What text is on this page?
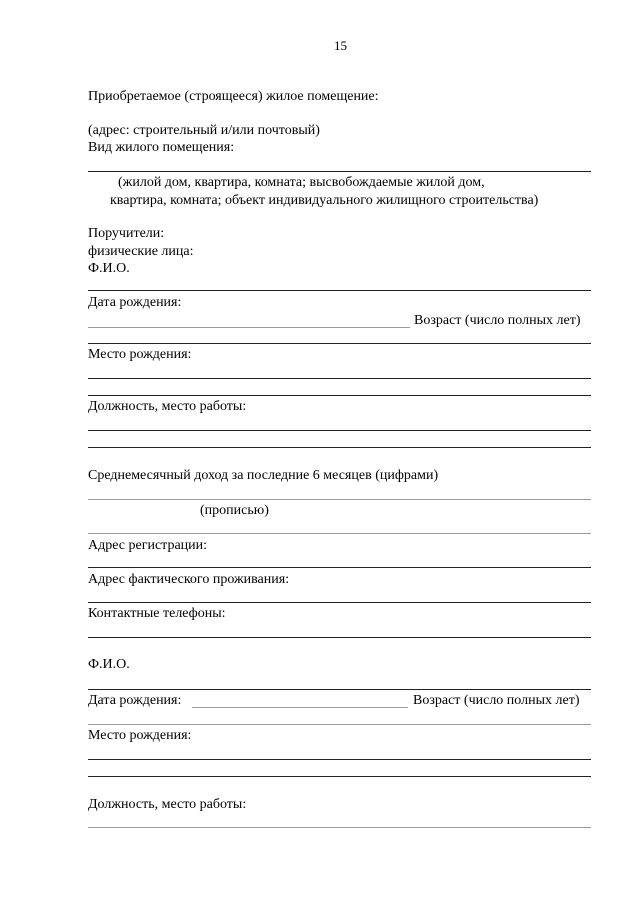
15
Приобретаемое (строящееся) жилое помещение:
(адрес: строительный и/или почтовый)
Вид жилого помещения:
(жилой дом, квартира, комната; высвобождаемые жилой дом,
квартира, комната; объект индивидуального жилищного строительства)
Поручители:
физические лица:
Ф.И.О.
Дата рождения:
Возраст (число полных лет)
Место рождения:
Должность, место работы:
Среднемесячный доход за последние 6 месяцев (цифрами)
(прописью)
Адрес регистрации:
Адрес фактического проживания:
Контактные телефоны:
Ф.И.О.
Дата рождения:	Возраст (число полных лет)
Место рождения:
Должность, место работы:
